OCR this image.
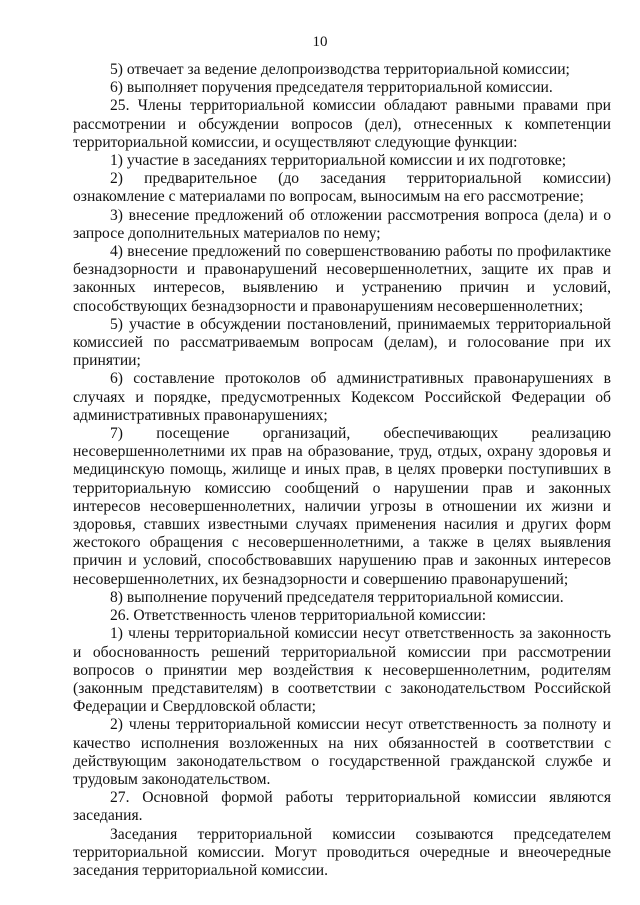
10

5) отвечает за ведение делопроизводства территориальной комиссии;

6) выполняет поручения председателя территориальной комиссии.

25. Члены территориальной комиссии обладают равными правами при рассмотрении и обсуждении вопросов (дел), отнесенных к компетенции территориальной комиссии, и осуществляют следующие функции:

1) участие в заседаниях территориальной комиссии и их подготовке;

2) предварительное (до заседания территориальной комиссии) ознакомление с материалами по вопросам, выносимым на его рассмотрение;

3) внесение предложений об отложении рассмотрения вопроса (дела) и о запросе дополнительных материалов по нему;

4) внесение предложений по совершенствованию работы по профилактике безнадзорности и правонарушений несовершеннолетних, защите их прав и законных интересов, выявлению и устранению причин и условий, способствующих безнадзорности и правонарушениям несовершеннолетних;

5) участие в обсуждении постановлений, принимаемых территориальной комиссией по рассматриваемым вопросам (делам), и голосование при их принятии;

6) составление протоколов об административных правонарушениях в случаях и порядке, предусмотренных Кодексом Российской Федерации об административных правонарушениях;

7) посещение организаций, обеспечивающих реализацию несовершеннолетними их прав на образование, труд, отдых, охрану здоровья и медицинскую помощь, жилище и иных прав, в целях проверки поступивших в территориальную комиссию сообщений о нарушении прав и законных интересов несовершеннолетних, наличии угрозы в отношении их жизни и здоровья, ставших известными случаях применения насилия и других форм жестокого обращения с несовершеннолетними, а также в целях выявления причин и условий, способствовавших нарушению прав и законных интересов несовершеннолетних, их безнадзорности и совершению правонарушений;

8) выполнение поручений председателя территориальной комиссии.

26. Ответственность членов территориальной комиссии:

1) члены территориальной комиссии несут ответственность за законность и обоснованность решений территориальной комиссии при рассмотрении вопросов о принятии мер воздействия к несовершеннолетним, родителям (законным представителям) в соответствии с законодательством Российской Федерации и Свердловской области;

2) члены территориальной комиссии несут ответственность за полноту и качество исполнения возложенных на них обязанностей в соответствии с действующим законодательством о государственной гражданской службе и трудовым законодательством.

27. Основной формой работы территориальной комиссии являются заседания.

Заседания территориальной комиссии созываются председателем территориальной комиссии. Могут проводиться очередные и внеочередные заседания территориальной комиссии.
